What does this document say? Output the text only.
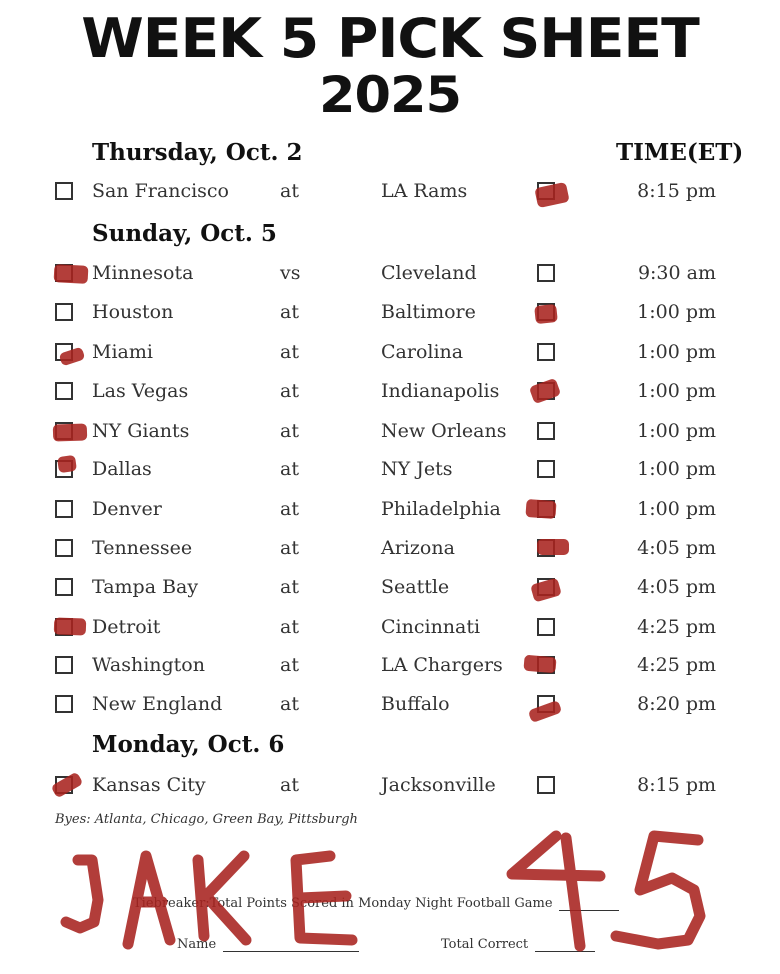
WEEK 5 PICK SHEET
2025
Thursday, Oct. 2	TIME(ET)
San Francisco	at	LA Rams	8:15 pm
Sunday, Oct. 5
Minnesota	vs	Cleveland	9:30 am
Houston	at	Baltimore	1:00 pm
Miami	at	Carolina	1:00 pm
Las Vegas	at	Indianapolis	1:00 pm
NY Giants	at	New Orleans	1:00 pm
Dallas	at	NY Jets	1:00 pm
Denver	at	Philadelphia	1:00 pm
Tennessee	at	Arizona	4:05 pm
Tampa Bay	at	Seattle	4:05 pm
Detroit	at	Cincinnati	4:25 pm
Washington	at	LA Chargers	4:25 pm
New England	at	Buffalo	8:20 pm
Monday, Oct. 6
Kansas City	at	Jacksonville	8:15 pm
Byes: Atlanta, Chicago, Green Bay, Pittsburgh
Tiebreaker:Total Points Scored in Monday Night Football Game
Name	Total Correct
